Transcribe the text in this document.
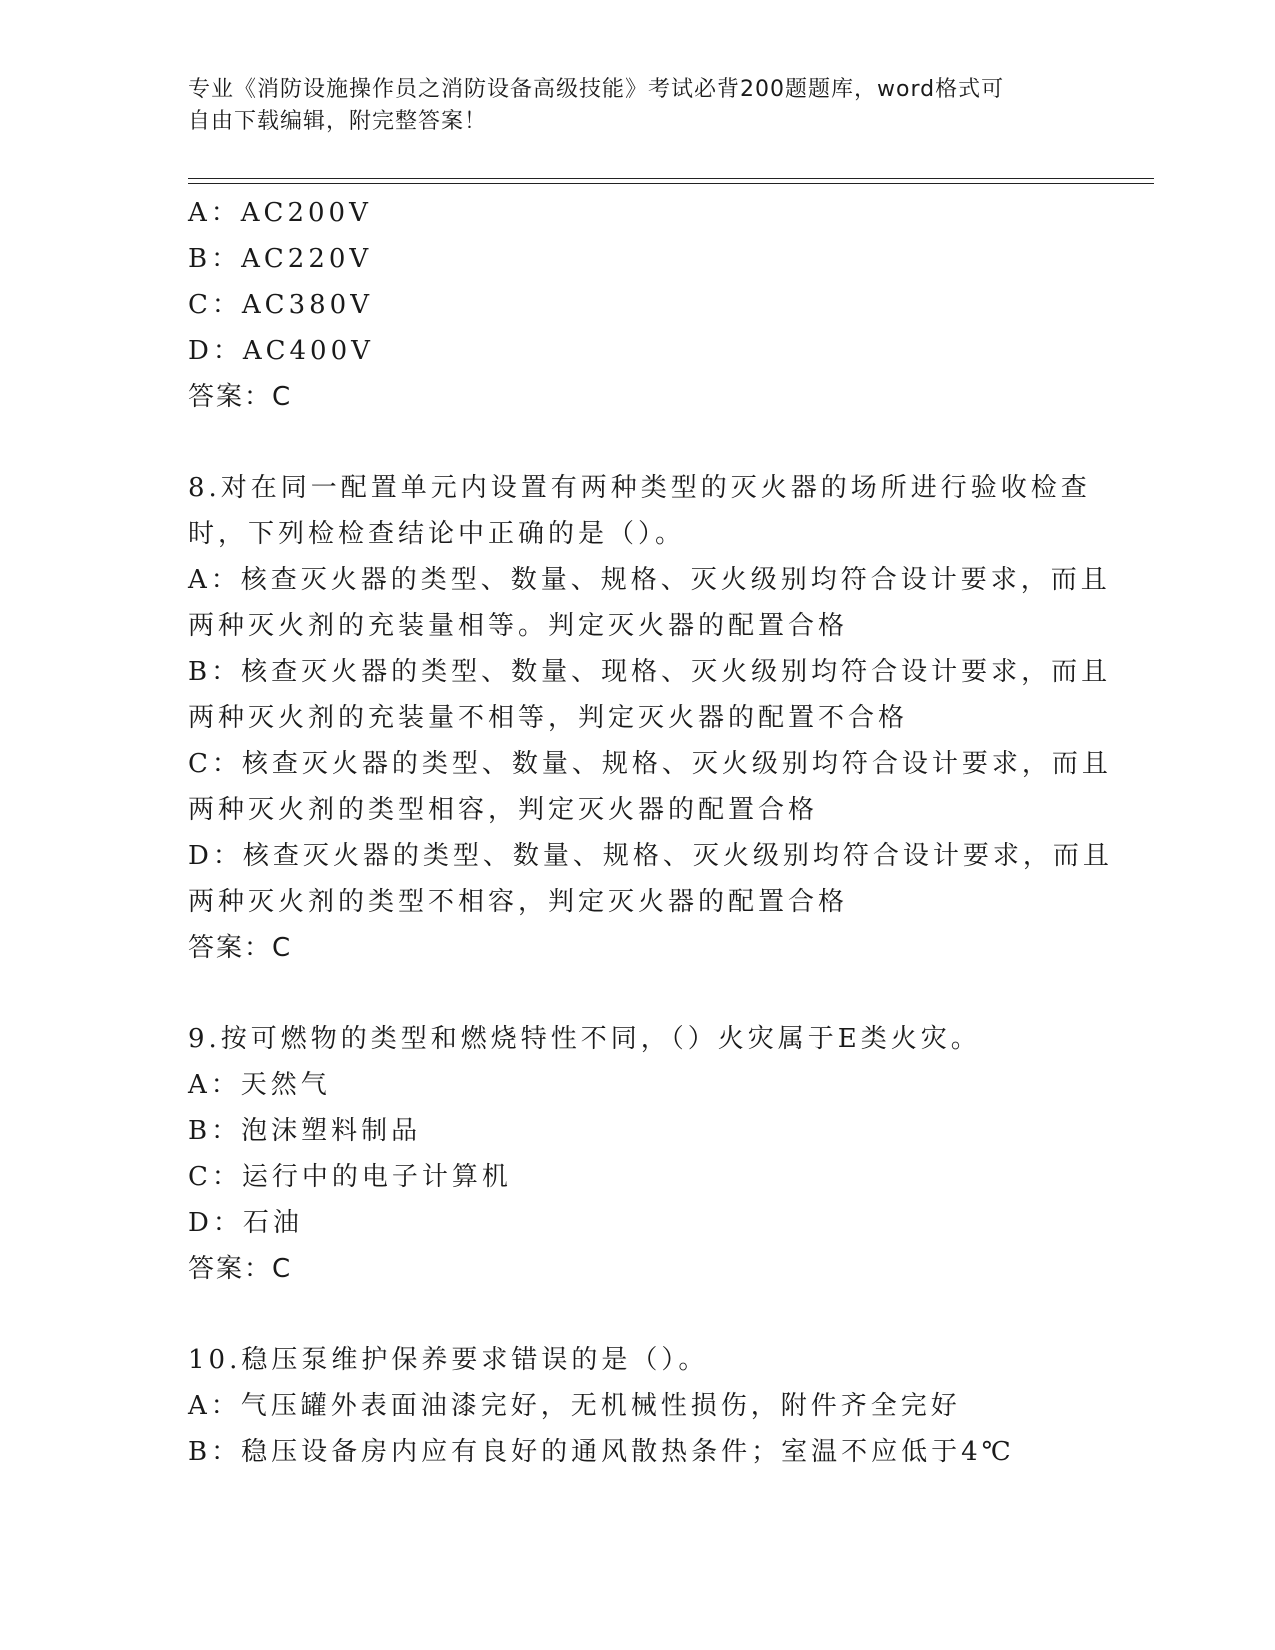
专业《消防设施操作员之消防设备高级技能》考试必背200题题库，word格式可
自由下载编辑，附完整答案！
A：AC200V
B：AC220V
C：AC380V
D：AC400V
答案：C
8.对在同一配置单元内设置有两种类型的灭火器的场所进行验收检查
时，下列检检查结论中正确的是（）。
A：核查灭火器的类型、数量、规格、灭火级别均符合设计要求，而且
两种灭火剂的充装量相等。判定灭火器的配置合格
B：核查灭火器的类型、数量、现格、灭火级别均符合设计要求，而且
两种灭火剂的充装量不相等，判定灭火器的配置不合格
C：核查灭火器的类型、数量、规格、灭火级别均符合设计要求，而且
两种灭火剂的类型相容，判定灭火器的配置合格
D：核查灭火器的类型、数量、规格、灭火级别均符合设计要求，而且
两种灭火剂的类型不相容，判定灭火器的配置合格
答案：C
9.按可燃物的类型和燃烧特性不同，（）火灾属于E类火灾。
A：天然气
B：泡沫塑料制品
C：运行中的电子计算机
D：石油
答案：C
10.稳压泵维护保养要求错误的是（）。
A：气压罐外表面油漆完好，无机械性损伤，附件齐全完好
B：稳压设备房内应有良好的通风散热条件；室温不应低于4℃
